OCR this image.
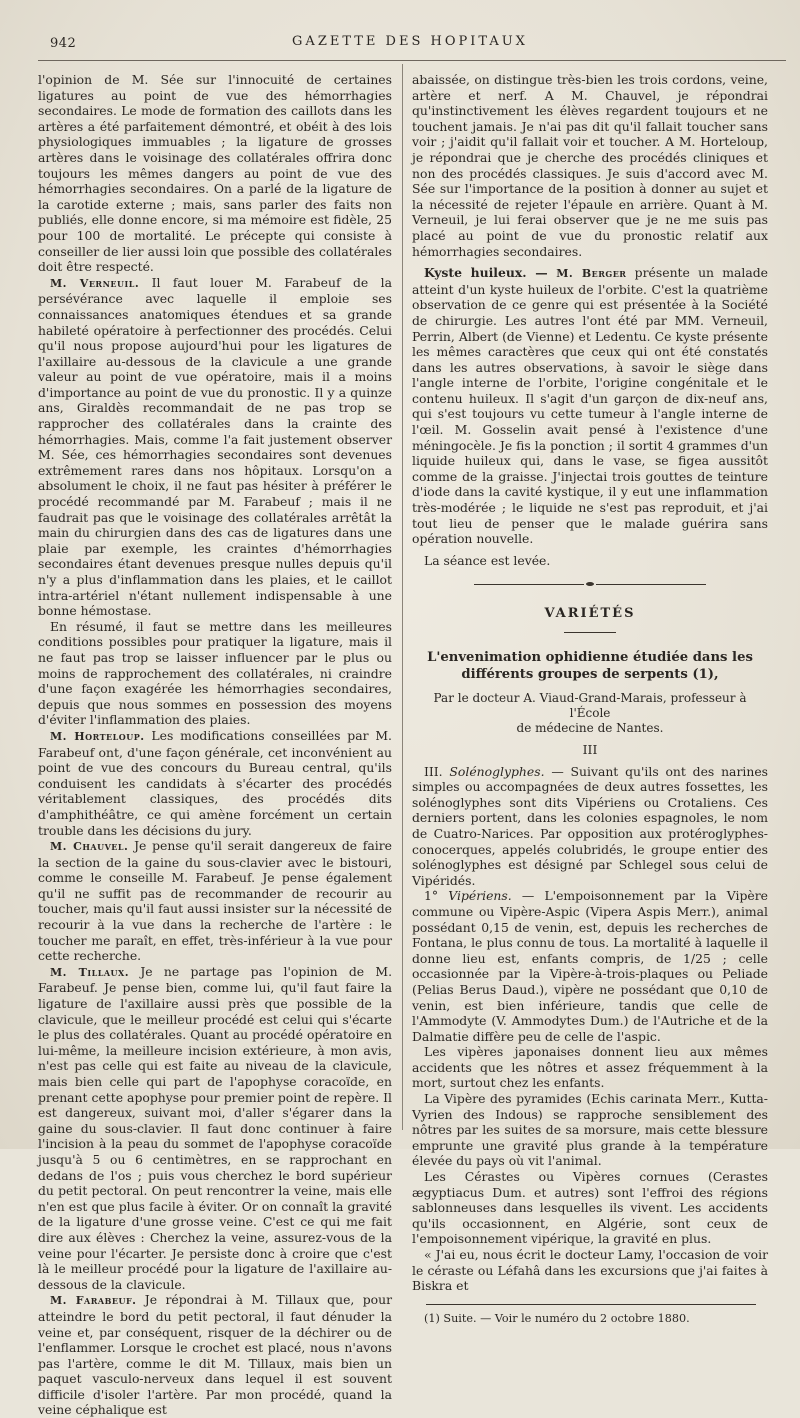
942	GAZETTE DES HOPITAUX

l'opinion de M. Sée sur l'innocuité de certaines ligatures au point de vue des hémorrhagies secondaires. Le mode de formation des caillots dans les artères a été parfaitement démontré, et obéit à des lois physiologiques immuables ; la ligature de grosses artères dans le voisinage des collatérales offrira donc toujours les mêmes dangers au point de vue des hémorrhagies secondaires. On a parlé de la ligature de la carotide externe ; mais, sans parler des faits non publiés, elle donne encore, si ma mémoire est fidèle, 25 pour 100 de mortalité. Le précepte qui consiste à conseiller de lier aussi loin que possible des collatérales doit être respecté.

M. Verneuil. Il faut louer M. Farabeuf de la persévérance avec laquelle il emploie ses connaissances anatomiques étendues et sa grande habileté opératoire à perfectionner des procédés. Celui qu'il nous propose aujourd'hui pour les ligatures de l'axillaire au-dessous de la clavicule a une grande valeur au point de vue opératoire, mais il a moins d'importance au point de vue du pronostic. Il y a quinze ans, Giraldès recommandait de ne pas trop se rapprocher des collatérales dans la crainte des hémorrhagies. Mais, comme l'a fait justement observer M. Sée, ces hémorrhagies secondaires sont devenues extrêmement rares dans nos hôpitaux. Lorsqu'on a absolument le choix, il ne faut pas hésiter à préférer le procédé recommandé par M. Farabeuf ; mais il ne faudrait pas que le voisinage des collatérales arrêtât la main du chirurgien dans des cas de ligatures dans une plaie par exemple, les craintes d'hémorrhagies secondaires étant devenues presque nulles depuis qu'il n'y a plus d'inflammation dans les plaies, et le caillot intra-artériel n'étant nullement indispensable à une bonne hémostase.

En résumé, il faut se mettre dans les meilleures conditions possibles pour pratiquer la ligature, mais il ne faut pas trop se laisser influencer par le plus ou moins de rapprochement des collatérales, ni craindre d'une façon exagérée les hémorrhagies secondaires, depuis que nous sommes en possession des moyens d'éviter l'inflammation des plaies.

M. Horteloup. Les modifications conseillées par M. Farabeuf ont, d'une façon générale, cet inconvénient au point de vue des concours du Bureau central, qu'ils conduisent les candidats à s'écarter des procédés véritablement classiques, des procédés dits d'amphithéâtre, ce qui amène forcément un certain trouble dans les décisions du jury.

M. Chauvel. Je pense qu'il serait dangereux de faire la section de la gaine du sous-clavier avec le bistouri, comme le conseille M. Farabeuf. Je pense également qu'il ne suffit pas de recommander de recourir au toucher, mais qu'il faut aussi insister sur la nécessité de recourir à la vue dans la recherche de l'artère : le toucher me paraît, en effet, très-inférieur à la vue pour cette recherche.

M. Tillaux. Je ne partage pas l'opinion de M. Farabeuf. Je pense bien, comme lui, qu'il faut faire la ligature de l'axillaire aussi près que possible de la clavicule, que le meilleur procédé est celui qui s'écarte le plus des collatérales. Quant au procédé opératoire en lui-même, la meilleure incision extérieure, à mon avis, n'est pas celle qui est faite au niveau de la clavicule, mais bien celle qui part de l'apophyse coracoïde, en prenant cette apophyse pour premier point de repère. Il est dangereux, suivant moi, d'aller s'égarer dans la gaine du sous-clavier. Il faut donc continuer à faire l'incision à la peau du sommet de l'apophyse coracoïde jusqu'à 5 ou 6 centimètres, en se rapprochant en dedans de l'os ; puis vous cherchez le bord supérieur du petit pectoral. On peut rencontrer la veine, mais elle n'en est que plus facile à éviter. Or on connaît la gravité de la ligature d'une grosse veine. C'est ce qui me fait dire aux élèves : Cherchez la veine, assurez-vous de la veine pour l'écarter. Je persiste donc à croire que c'est là le meilleur procédé pour la ligature de l'axillaire au-dessous de la clavicule.

M. Farabeuf. Je répondrai à M. Tillaux que, pour atteindre le bord du petit pectoral, il faut dénuder la veine et, par conséquent, risquer de la déchirer ou de l'enflammer. Lorsque le crochet est placé, nous n'avons pas l'artère, comme le dit M. Tillaux, mais bien un paquet vasculo-nerveux dans lequel il est souvent difficile d'isoler l'artère. Par mon procédé, quand la veine céphalique est

abaissée, on distingue très-bien les trois cordons, veine, artère et nerf. A M. Chauvel, je répondrai qu'instinctivement les élèves regardent toujours et ne touchent jamais. Je n'ai pas dit qu'il fallait toucher sans voir ; j'aidit qu'il fallait voir et toucher. A M. Horteloup, je répondrai que je cherche des procédés cliniques et non des procédés classiques. Je suis d'accord avec M. Sée sur l'importance de la position à donner au sujet et la nécessité de rejeter l'épaule en arrière. Quant à M. Verneuil, je lui ferai observer que je ne me suis pas placé au point de vue du pronostic relatif aux hémorrhagies secondaires.

Kyste huileux. — M. Berger présente un malade atteint d'un kyste huileux de l'orbite. C'est la quatrième observation de ce genre qui est présentée à la Société de chirurgie. Les autres l'ont été par MM. Verneuil, Perrin, Albert (de Vienne) et Ledentu. Ce kyste présente les mêmes caractères que ceux qui ont été constatés dans les autres observations, à savoir le siège dans l'angle interne de l'orbite, l'origine congénitale et le contenu huileux. Il s'agit d'un garçon de dix-neuf ans, qui s'est toujours vu cette tumeur à l'angle interne de l'œil. M. Gosselin avait pensé à l'existence d'une méningocèle. Je fis la ponction ; il sortit 4 grammes d'un liquide huileux qui, dans le vase, se figea aussitôt comme de la graisse. J'injectai trois gouttes de teinture d'iode dans la cavité kystique, il y eut une inflammation très-modérée ; le liquide ne s'est pas reproduit, et j'ai tout lieu de penser que le malade guérira sans opération nouvelle.

La séance est levée.

VARIÉTÉS
L'envenimation ophidienne étudiée dans les différents groupes de serpents (1),
Par le docteur A. Viaud-Grand-Marais, professeur à l'École
de médecine de Nantes.
III

III. Solénoglyphes. — Suivant qu'ils ont des narines simples ou accompagnées de deux autres fossettes, les solénoglyphes sont dits Vipériens ou Crotaliens. Ces derniers portent, dans les colonies espagnoles, le nom de Cuatro-Narices. Par opposition aux protéroglyphes-conocerques, appelés colubridés, le groupe entier des solénoglyphes est désigné par Schlegel sous celui de Vipéridés.

1° Vipériens. — L'empoisonnement par la Vipère commune ou Vipère-Aspic (Vipera Aspis Merr.), animal possédant 0,15 de venin, est, depuis les recherches de Fontana, le plus connu de tous. La mortalité à laquelle il donne lieu est, enfants compris, de 1/25 ; celle occasionnée par la Vipère-à-trois-plaques ou Peliade (Pelias Berus Daud.), vipère ne possédant que 0,10 de venin, est bien inférieure, tandis que celle de l'Ammodyte (V. Ammodytes Dum.) de l'Autriche et de la Dalmatie diffère peu de celle de l'aspic.

Les vipères japonaises donnent lieu aux mêmes accidents que les nôtres et assez fréquemment à la mort, surtout chez les enfants.

La Vipère des pyramides (Echis carinata Merr., Kutta-Vyrien des Indous) se rapproche sensiblement des nôtres par les suites de sa morsure, mais cette blessure emprunte une gravité plus grande à la température élevée du pays où vit l'animal.

Les Cérastes ou Vipères cornues (Cerastes ægyptiacus Dum. et autres) sont l'effroi des régions sablonneuses dans lesquelles ils vivent. Les accidents qu'ils occasionnent, en Algérie, sont ceux de l'empoisonnement vipérique, la gravité en plus.

« J'ai eu, nous écrit le docteur Lamy, l'occasion de voir le céraste ou Léfahâ dans les excursions que j'ai faites à Biskra et

(1) Suite. — Voir le numéro du 2 octobre 1880.
